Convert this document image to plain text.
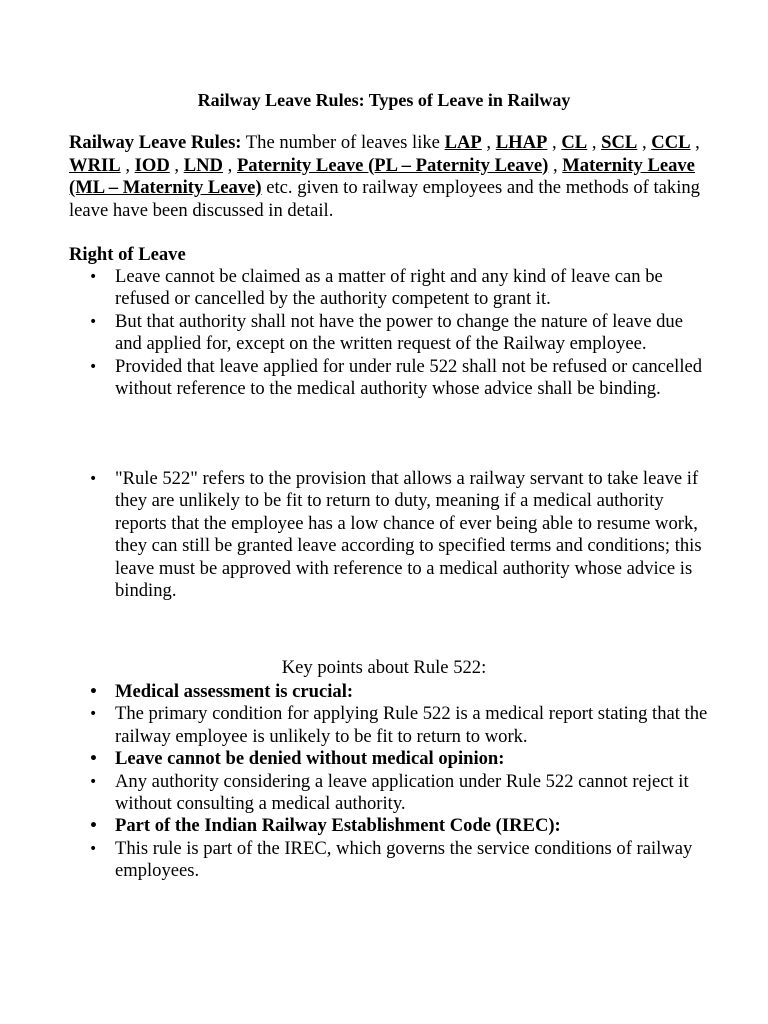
Railway Leave Rules: Types of Leave in Railway
Railway Leave Rules: The number of leaves like LAP , LHAP , CL , SCL , CCL , WRIL , IOD , LND , Paternity Leave (PL – Paternity Leave) , Maternity Leave (ML – Maternity Leave) etc. given to railway employees and the methods of taking leave have been discussed in detail.
Right of Leave
• Leave cannot be claimed as a matter of right and any kind of leave can be refused or cancelled by the authority competent to grant it.
• But that authority shall not have the power to change the nature of leave due and applied for, except on the written request of the Railway employee.
• Provided that leave applied for under rule 522 shall not be refused or cancelled without reference to the medical authority whose advice shall be binding.
• "Rule 522" refers to the provision that allows a railway servant to take leave if they are unlikely to be fit to return to duty, meaning if a medical authority reports that the employee has a low chance of ever being able to resume work, they can still be granted leave according to specified terms and conditions; this leave must be approved with reference to a medical authority whose advice is binding.
Key points about Rule 522:
• Medical assessment is crucial:
• The primary condition for applying Rule 522 is a medical report stating that the railway employee is unlikely to be fit to return to work.
• Leave cannot be denied without medical opinion:
• Any authority considering a leave application under Rule 522 cannot reject it without consulting a medical authority.
• Part of the Indian Railway Establishment Code (IREC):
• This rule is part of the IREC, which governs the service conditions of railway employees.
